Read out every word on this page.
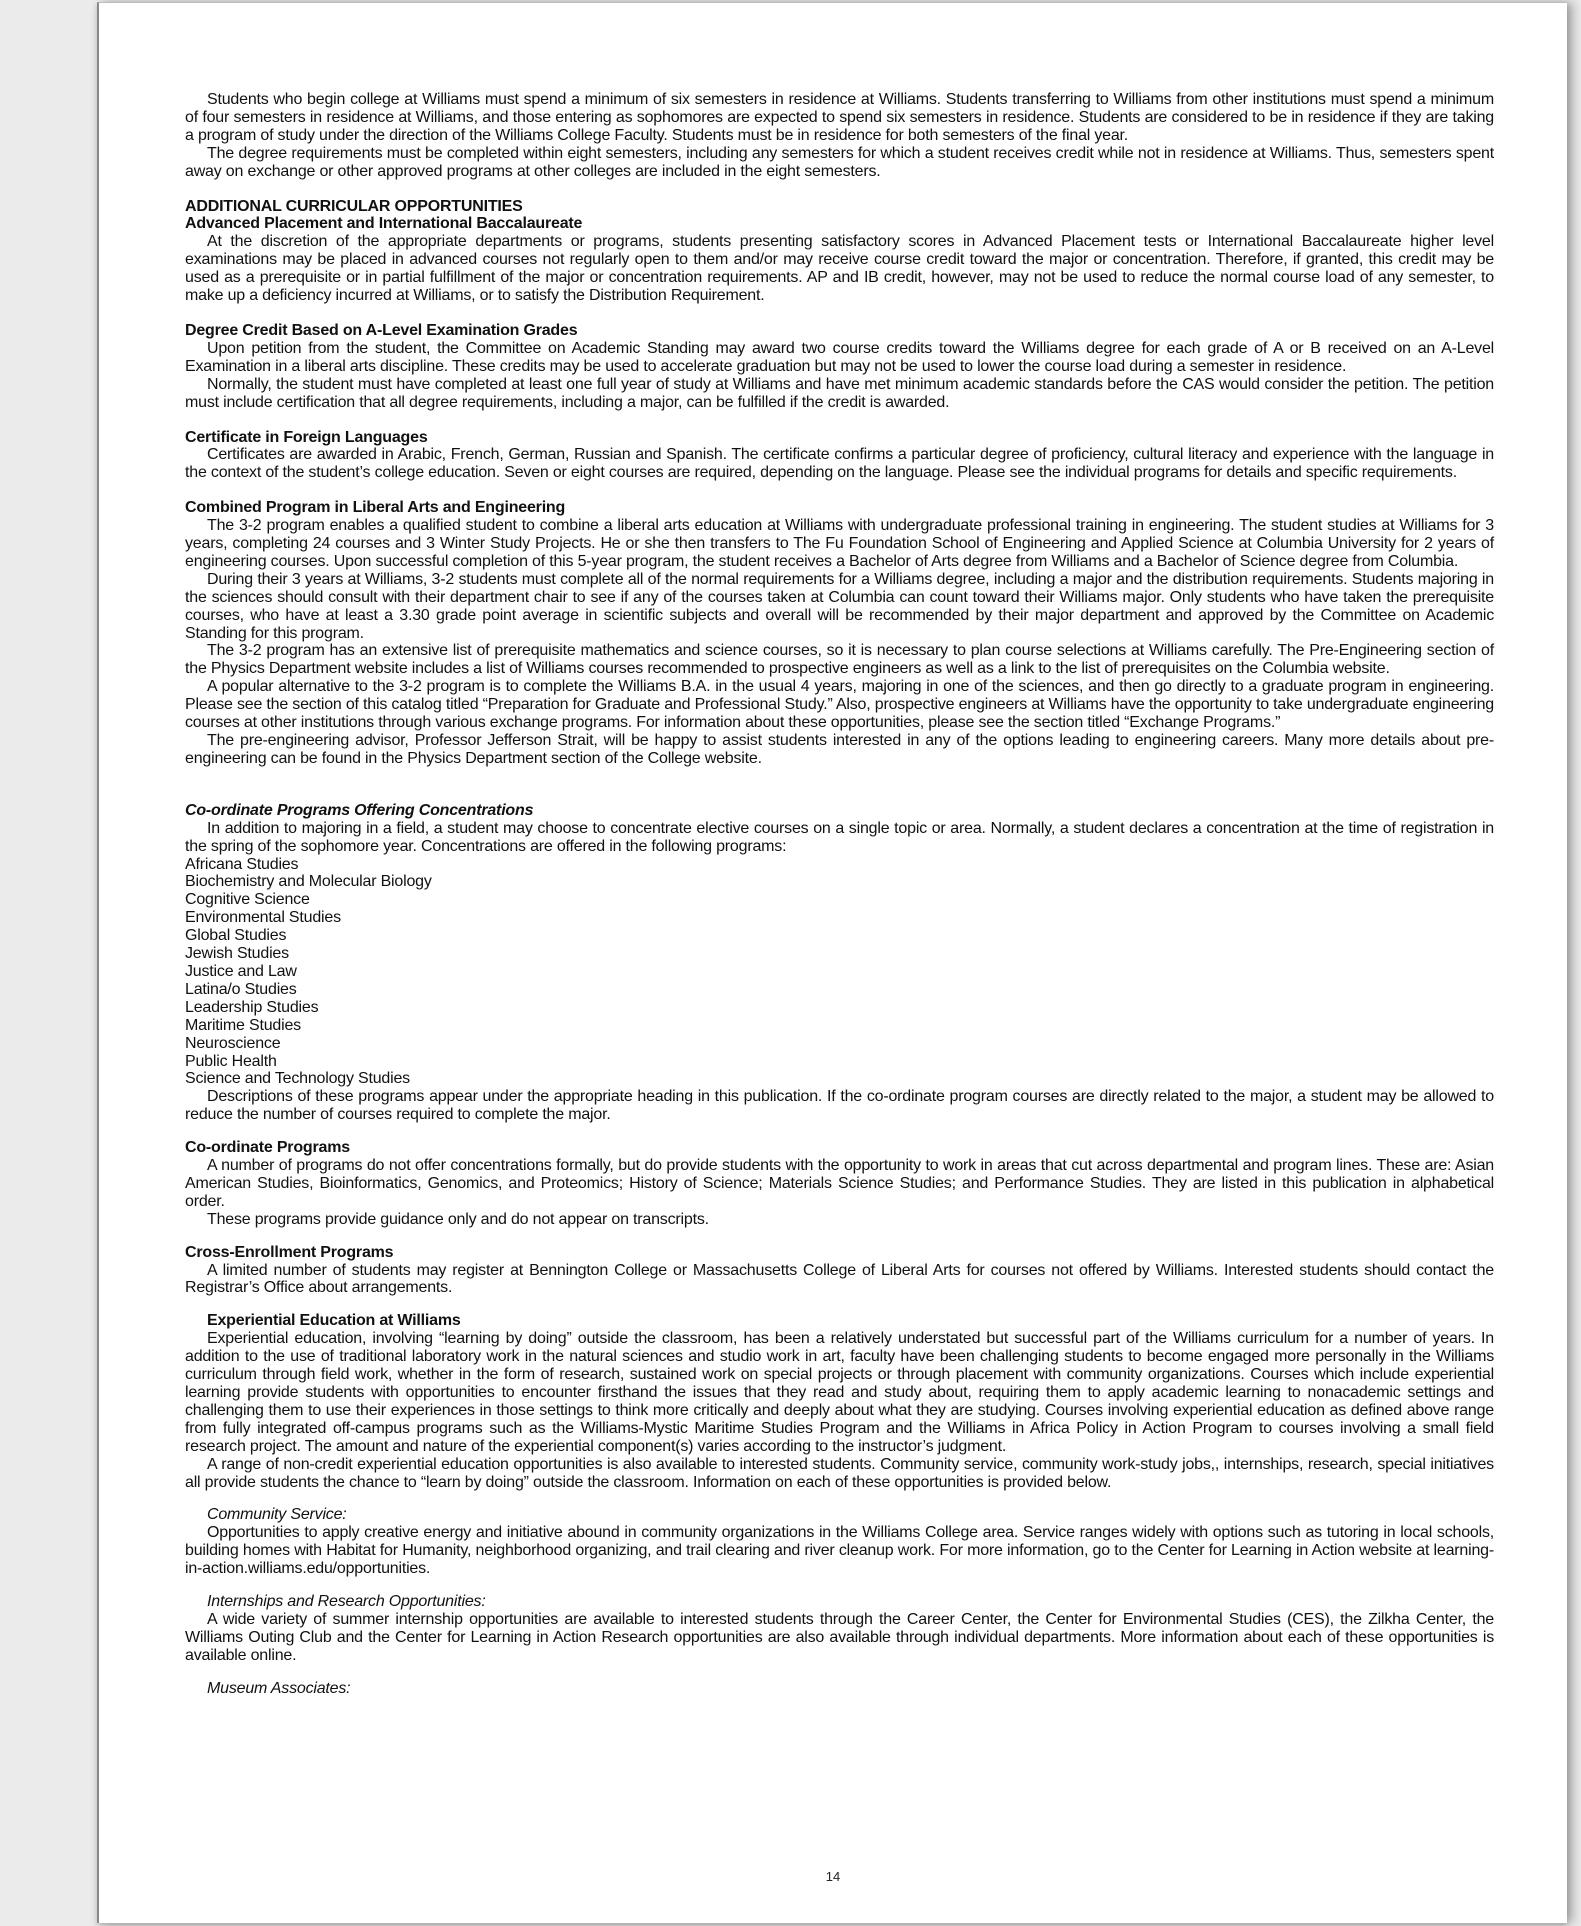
Students who begin college at Williams must spend a minimum of six semesters in residence at Williams. Students transferring to Williams from other institutions must spend a minimum of four semesters in residence at Williams, and those entering as sophomores are expected to spend six semesters in residence. Students are considered to be in residence if they are taking a program of study under the direction of the Williams College Faculty. Students must be in residence for both semesters of the final year.

The degree requirements must be completed within eight semesters, including any semesters for which a student receives credit while not in residence at Williams. Thus, semesters spent away on exchange or other approved programs at other colleges are included in the eight semesters.

ADDITIONAL CURRICULAR OPPORTUNITIES
Advanced Placement and International Baccalaureate

At the discretion of the appropriate departments or programs, students presenting satisfactory scores in Advanced Placement tests or International Baccalaureate higher level examinations may be placed in advanced courses not regularly open to them and/or may receive course credit toward the major or concentration. Therefore, if granted, this credit may be used as a prerequisite or in partial fulfillment of the major or concentration requirements. AP and IB credit, however, may not be used to reduce the normal course load of any semester, to make up a deficiency incurred at Williams, or to satisfy the Distribution Requirement.

Degree Credit Based on A-Level Examination Grades

Upon petition from the student, the Committee on Academic Standing may award two course credits toward the Williams degree for each grade of A or B received on an A-Level Examination in a liberal arts discipline. These credits may be used to accelerate graduation but may not be used to lower the course load during a semester in residence.

Normally, the student must have completed at least one full year of study at Williams and have met minimum academic standards before the CAS would consider the petition. The petition must include certification that all degree requirements, including a major, can be fulfilled if the credit is awarded.

Certificate in Foreign Languages

Certificates are awarded in Arabic, French, German, Russian and Spanish. The certificate confirms a particular degree of proficiency, cultural literacy and experience with the language in the context of the student’s college education. Seven or eight courses are required, depending on the language. Please see the individual programs for details and specific requirements.

Combined Program in Liberal Arts and Engineering

The 3-2 program enables a qualified student to combine a liberal arts education at Williams with undergraduate professional training in engineering. The student studies at Williams for 3 years, completing 24 courses and 3 Winter Study Projects. He or she then transfers to The Fu Foundation School of Engineering and Applied Science at Columbia University for 2 years of engineering courses. Upon successful completion of this 5-year program, the student receives a Bachelor of Arts degree from Williams and a Bachelor of Science degree from Columbia.

During their 3 years at Williams, 3-2 students must complete all of the normal requirements for a Williams degree, including a major and the distribution requirements. Students majoring in the sciences should consult with their department chair to see if any of the courses taken at Columbia can count toward their Williams major. Only students who have taken the prerequisite courses, who have at least a 3.30 grade point average in scientific subjects and overall will be recommended by their major department and approved by the Committee on Academic Standing for this program.

The 3-2 program has an extensive list of prerequisite mathematics and science courses, so it is necessary to plan course selections at Williams carefully. The Pre-Engineering section of the Physics Department website includes a list of Williams courses recommended to prospective engineers as well as a link to the list of prerequisites on the Columbia website.

A popular alternative to the 3-2 program is to complete the Williams B.A. in the usual 4 years, majoring in one of the sciences, and then go directly to a graduate program in engineering. Please see the section of this catalog titled “Preparation for Graduate and Professional Study.” Also, prospective engineers at Williams have the opportunity to take undergraduate engineering courses at other institutions through various exchange programs. For information about these opportunities, please see the section titled “Exchange Programs.”

The pre-engineering advisor, Professor Jefferson Strait, will be happy to assist students interested in any of the options leading to engineering careers. Many more details about pre-engineering can be found in the Physics Department section of the College website.

Co-ordinate Programs Offering Concentrations

In addition to majoring in a field, a student may choose to concentrate elective courses on a single topic or area. Normally, a student declares a concentration at the time of registration in the spring of the sophomore year. Concentrations are offered in the following programs:

Africana Studies
Biochemistry and Molecular Biology
Cognitive Science
Environmental Studies
Global Studies
Jewish Studies
Justice and Law
Latina/o Studies
Leadership Studies
Maritime Studies
Neuroscience
Public Health
Science and Technology Studies

Descriptions of these programs appear under the appropriate heading in this publication. If the co-ordinate program courses are directly related to the major, a student may be allowed to reduce the number of courses required to complete the major.

Co-ordinate Programs

A number of programs do not offer concentrations formally, but do provide students with the opportunity to work in areas that cut across departmental and program lines. These are: Asian American Studies, Bioinformatics, Genomics, and Proteomics; History of Science; Materials Science Studies; and Performance Studies. They are listed in this publication in alphabetical order.

These programs provide guidance only and do not appear on transcripts.

Cross-Enrollment Programs

A limited number of students may register at Bennington College or Massachusetts College of Liberal Arts for courses not offered by Williams. Interested students should contact the Registrar’s Office about arrangements.

Experiential Education at Williams

Experiential education, involving “learning by doing” outside the classroom, has been a relatively understated but successful part of the Williams curriculum for a number of years. In addition to the use of traditional laboratory work in the natural sciences and studio work in art, faculty have been challenging students to become engaged more personally in the Williams curriculum through field work, whether in the form of research, sustained work on special projects or through placement with community organizations. Courses which include experiential learning provide students with opportunities to encounter firsthand the issues that they read and study about, requiring them to apply academic learning to nonacademic settings and challenging them to use their experiences in those settings to think more critically and deeply about what they are studying. Courses involving experiential education as defined above range from fully integrated off-campus programs such as the Williams-Mystic Maritime Studies Program and the Williams in Africa Policy in Action Program to courses involving a small field research project. The amount and nature of the experiential component(s) varies according to the instructor’s judgment.

A range of non-credit experiential education opportunities is also available to interested students. Community service, community work-study jobs,, internships, research, special initiatives all provide students the chance to “learn by doing” outside the classroom. Information on each of these opportunities is provided below.

Community Service:

Opportunities to apply creative energy and initiative abound in community organizations in the Williams College area. Service ranges widely with options such as tutoring in local schools, building homes with Habitat for Humanity, neighborhood organizing, and trail clearing and river cleanup work. For more information, go to the Center for Learning in Action website at learning-in-action.williams.edu/opportunities.

Internships and Research Opportunities:

A wide variety of summer internship opportunities are available to interested students through the Career Center, the Center for Environmental Studies (CES), the Zilkha Center, the Williams Outing Club and the Center for Learning in Action Research opportunities are also available through individual departments. More information about each of these opportunities is available online.

Museum Associates:
14
